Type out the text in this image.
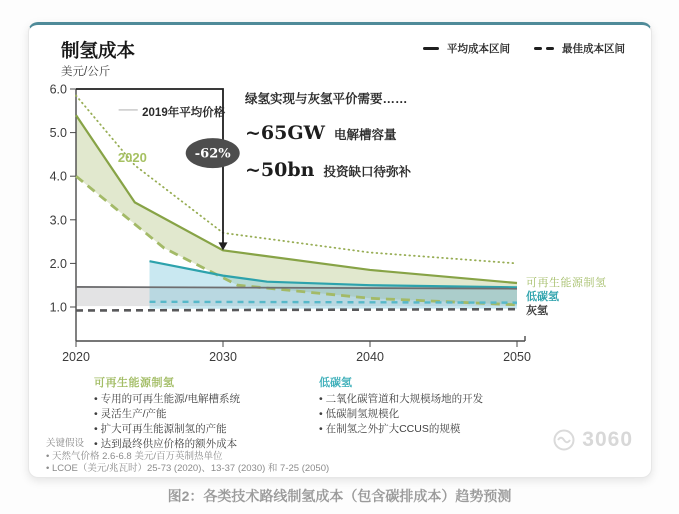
制氢成本
美元/公斤
平均成本区间	最佳成本区间
绿氢实现与灰氢平价需要……
~65GW 电解槽容量
~50bn 投资缺口待弥补
6.0
5.0
4.0
3.0
2.0
1.0
2020	2030	2040	2050
-62%
2020
2019年平均价格
可再生能源制氢
低碳氢
灰氢
可再生能源制氢
• 专用的可再生能源/电解槽系统
• 灵活生产/产能
• 扩大可再生能源制氢的产能
• 达到最终供应价格的额外成本
低碳氢
• 二氧化碳管道和大规模场地的开发
• 低碳制氢规模化
• 在制氢之外扩大CCUS的规模
关键假设
• 天然气价格 2.6-6.8 美元/百万英制热单位
• LCOE（美元/兆瓦时）25-73 (2020)、13-37 (2030) 和 7-25 (2050)
3060
图2：各类技术路线制氢成本（包含碳排成本）趋势预测
